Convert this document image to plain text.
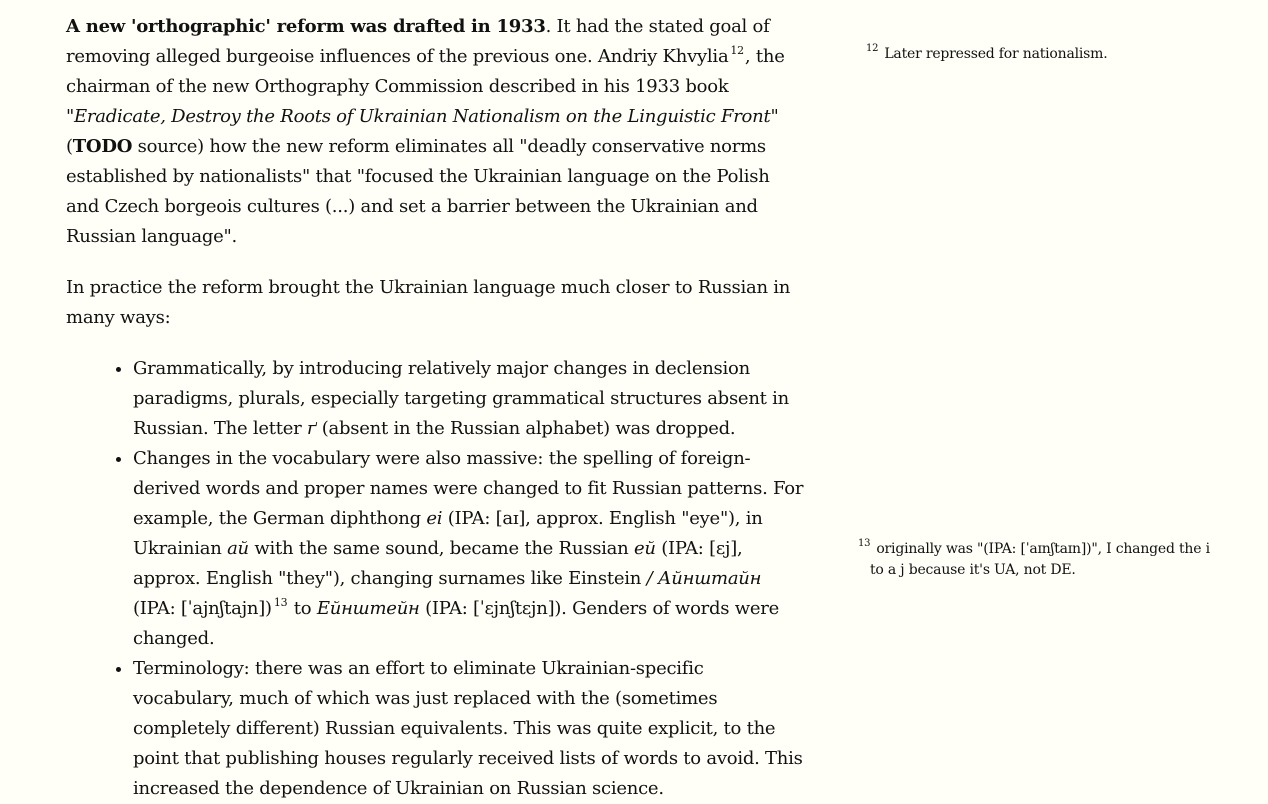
A new 'orthographic' reform was drafted in 1933. It had the stated goal of removing alleged burgeoise influences of the previous one. Andriy Khvylia $^{12}$, the chairman of the new Orthography Commission described in his 1933 book "Eradicate, Destroy the Roots of Ukrainian Nationalism on the Linguistic Front" (TODO source) how the new reform eliminates all "deadly conservative norms established by nationalists" that "focused the Ukrainian language on the Polish and Czech borgeois cultures (...) and set a barrier between the Ukrainian and Russian language".

In practice the reform brought the Ukrainian language much closer to Russian in many ways:

• Grammatically, by introducing relatively major changes in declension paradigms, plurals, especially targeting grammatical structures absent in Russian. The letter ґ (absent in the Russian alphabet) was dropped.
• Changes in the vocabulary were also massive: the spelling of foreign-derived words and proper names were changed to fit Russian patterns. For example, the German diphthong ei (IPA: [aɪ], approx. English "eye"), in Ukrainian ай with the same sound, became the Russian ей (IPA: [ɛj], approx. English "they"), changing surnames like Einstein / Айнштайн (IPA: [ˈajnʃtajn]) $^{13}$ to Ейнштейн (IPA: [ˈɛjnʃtɛjn]). Genders of words were changed.
• Terminology: there was an effort to eliminate Ukrainian-specific vocabulary, much of which was just replaced with the (sometimes completely different) Russian equivalents. This was quite explicit, to the point that publishing houses regularly received lists of words to avoid. This increased the dependence of Ukrainian on Russian science.
$^{12}$ Later repressed for nationalism.
$^{13}$ originally was "(IPA: [ˈaɪnʃtaɪn])", I changed the i to a j because it's UA, not DE.
